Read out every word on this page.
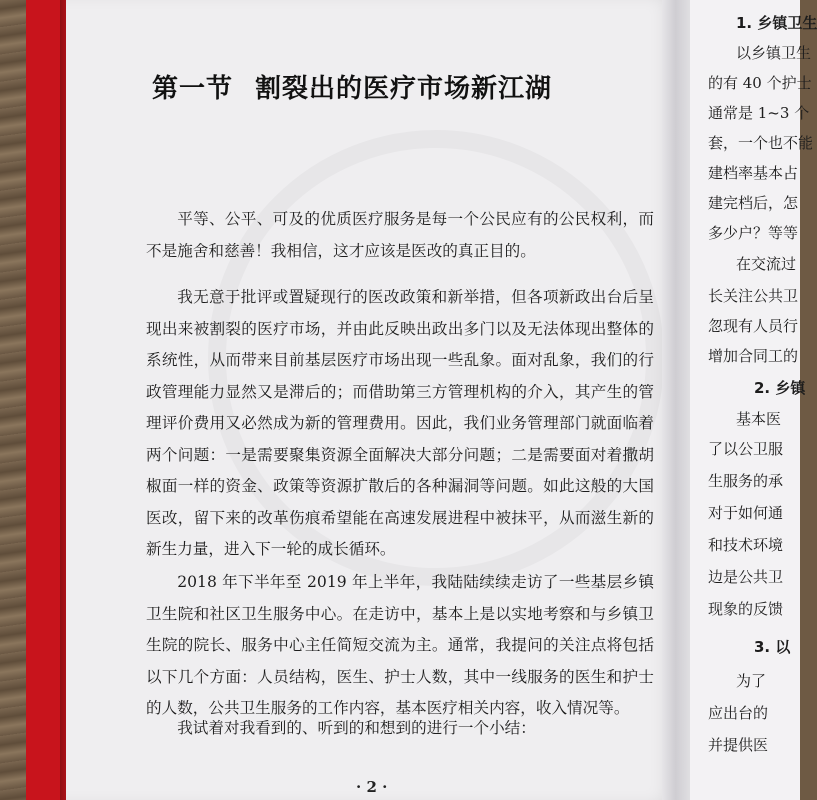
第一节 割裂出的医疗市场新江湖

平等、公平、可及的优质医疗服务是每一个公民应有的公民权利，而不是施舍和慈善！我相信，这才应该是医改的真正目的。

我无意于批评或置疑现行的医改政策和新举措，但各项新政出台后呈现出来被割裂的医疗市场，并由此反映出政出多门以及无法体现出整体的系统性，从而带来目前基层医疗市场出现一些乱象。面对乱象，我们的行政管理能力显然又是滞后的；而借助第三方管理机构的介入，其产生的管理评价费用又必然成为新的管理费用。因此，我们业务管理部门就面临着两个问题：一是需要聚集资源全面解决大部分问题；二是需要面对着撒胡椒面一样的资金、政策等资源扩散后的各种漏洞等问题。如此这般的大国医改，留下来的改革伤痕希望能在高速发展进程中被抹平，从而滋生新的新生力量，进入下一轮的成长循环。

2018 年下半年至 2019 年上半年，我陆陆续续走访了一些基层乡镇卫生院和社区卫生服务中心。在走访中，基本上是以实地考察和与乡镇卫生院的院长、服务中心主任简短交流为主。通常，我提问的关注点将包括以下几个方面：人员结构，医生、护士人数，其中一线服务的医生和护士的人数，公共卫生服务的工作内容，基本医疗相关内容，收入情况等。

我试着对我看到的、听到的和想到的进行一个小结：

· 2 ·
1. 乡镇卫生
以乡镇卫生
的有 40 个护士
通常是 1~3 个
套，一个也不能
建档率基本占
建完档后，怎
多少户？等等
在交流过
长关注公共卫
忽现有人员行
增加合同工的
2. 乡镇
基本医
了以公卫服
生服务的承
对于如何通
和技术环境
边是公共卫
现象的反馈
3. 以
为了
应出台的
并提供医
